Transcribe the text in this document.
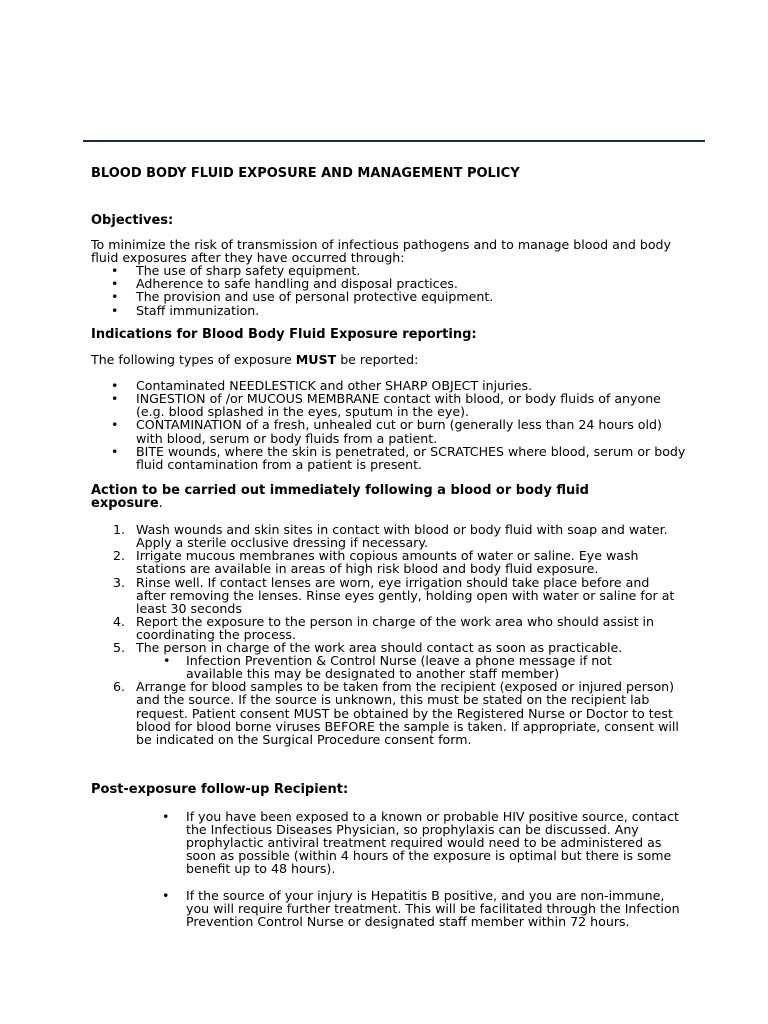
BLOOD BODY FLUID EXPOSURE AND MANAGEMENT POLICY

Objectives:

To minimize the risk of transmission of infectious pathogens and to manage blood and body fluid exposures after they have occurred through:

• The use of sharp safety equipment.
• Adherence to safe handling and disposal practices.
• The provision and use of personal protective equipment.
• Staff immunization.

Indications for Blood Body Fluid Exposure reporting:

The following types of exposure MUST be reported:

• Contaminated NEEDLESTICK and other SHARP OBJECT injuries.
• INGESTION of /or MUCOUS MEMBRANE contact with blood, or body fluids of anyone (e.g. blood splashed in the eyes, sputum in the eye).
• CONTAMINATION of a fresh, unhealed cut or burn (generally less than 24 hours old) with blood, serum or body fluids from a patient.
• BITE wounds, where the skin is penetrated, or SCRATCHES where blood, serum or body fluid contamination from a patient is present.

Action to be carried out immediately following a blood or body fluid exposure.

1. Wash wounds and skin sites in contact with blood or body fluid with soap and water. Apply a sterile occlusive dressing if necessary.
2. Irrigate mucous membranes with copious amounts of water or saline. Eye wash stations are available in areas of high risk blood and body fluid exposure.
3. Rinse well. If contact lenses are worn, eye irrigation should take place before and after removing the lenses. Rinse eyes gently, holding open with water or saline for at least 30 seconds
4. Report the exposure to the person in charge of the work area who should assist in coordinating the process.
5. The person in charge of the work area should contact as soon as practicable.
• Infection Prevention & Control Nurse (leave a phone message if not available this may be designated to another staff member)
6. Arrange for blood samples to be taken from the recipient (exposed or injured person) and the source. If the source is unknown, this must be stated on the recipient lab request. Patient consent MUST be obtained by the Registered Nurse or Doctor to test blood for blood borne viruses BEFORE the sample is taken. If appropriate, consent will be indicated on the Surgical Procedure consent form.

Post-exposure follow-up Recipient:

• If you have been exposed to a known or probable HIV positive source, contact the Infectious Diseases Physician, so prophylaxis can be discussed. Any prophylactic antiviral treatment required would need to be administered as soon as possible (within 4 hours of the exposure is optimal but there is some benefit up to 48 hours).
• If the source of your injury is Hepatitis B positive, and you are non-immune, you will require further treatment. This will be facilitated through the Infection Prevention Control Nurse or designated staff member within 72 hours.
